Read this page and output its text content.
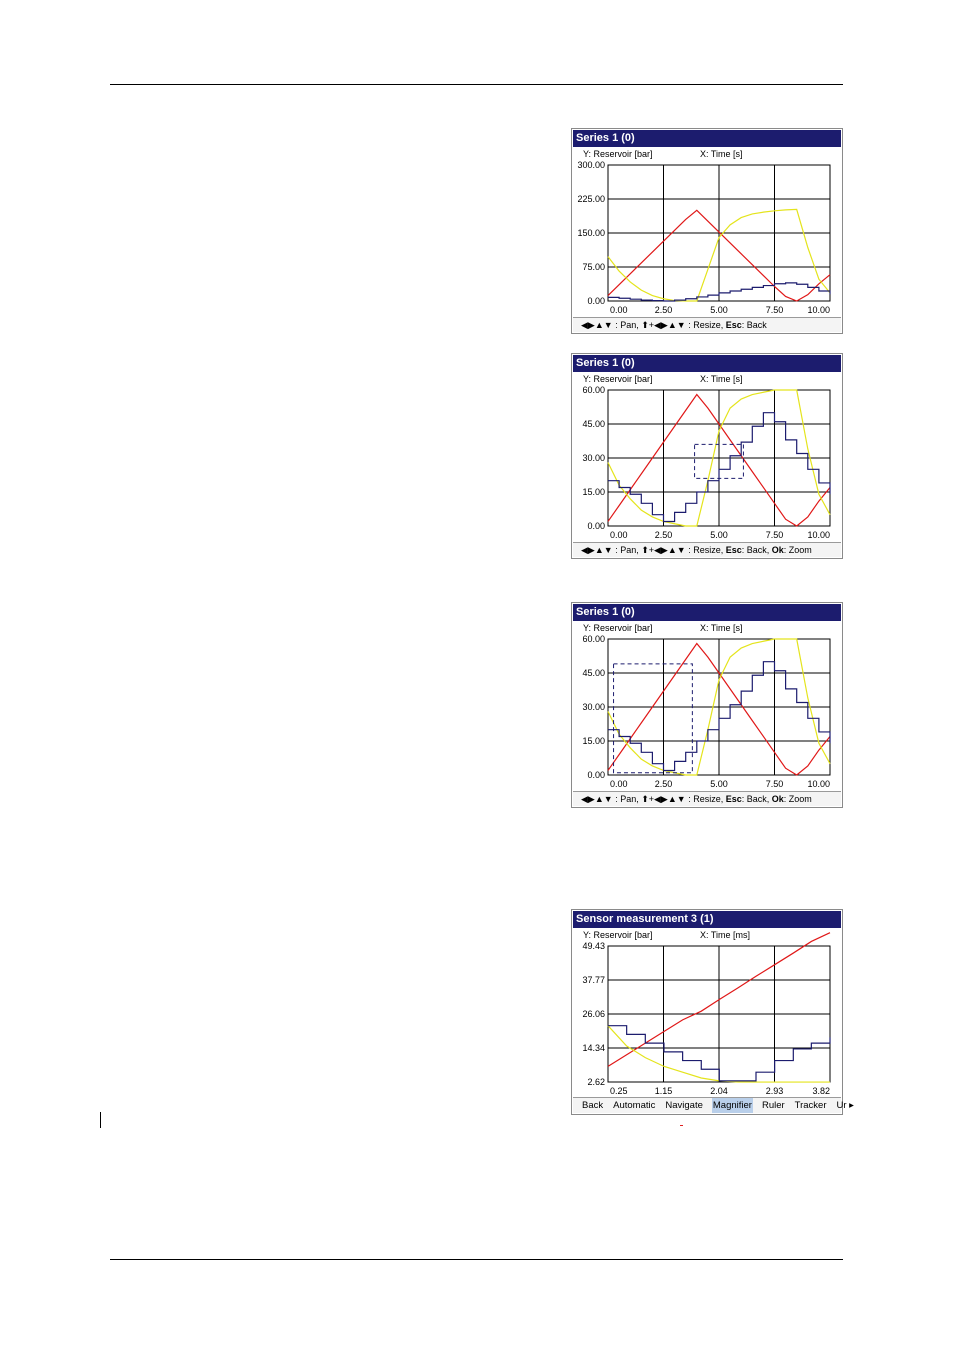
Series 1 (0)
Y: Reservoir [bar]	X: Time [s]
300.00
225.00
150.00
75.00
0.00
0.00	2.50	5.00	7.50	10.00
◀▶▲▼ : Pan, ⬆+◀▶▲▼ : Resize, Esc: Back
Series 1 (0)
Y: Reservoir [bar]	X: Time [s]
60.00
45.00
30.00
15.00
0.00
0.00	2.50	5.00	7.50	10.00
◀▶▲▼ : Pan, ⬆+◀▶▲▼ : Resize, Esc: Back, Ok: Zoom
Series 1 (0)
Y: Reservoir [bar]	X: Time [s]
60.00
45.00
30.00
15.00
0.00
0.00	2.50	5.00	7.50	10.00
◀▶▲▼ : Pan, ⬆+◀▶▲▼ : Resize, Esc: Back, Ok: Zoom
Sensor measurement 3 (1)
Y: Reservoir [bar]	X: Time [ms]
49.43
37.77
26.06
14.34
2.62
0.25	1.15	2.04	2.93	3.82
Back Automatic Navigate Magnifier Ruler Tracker Ur ▸
